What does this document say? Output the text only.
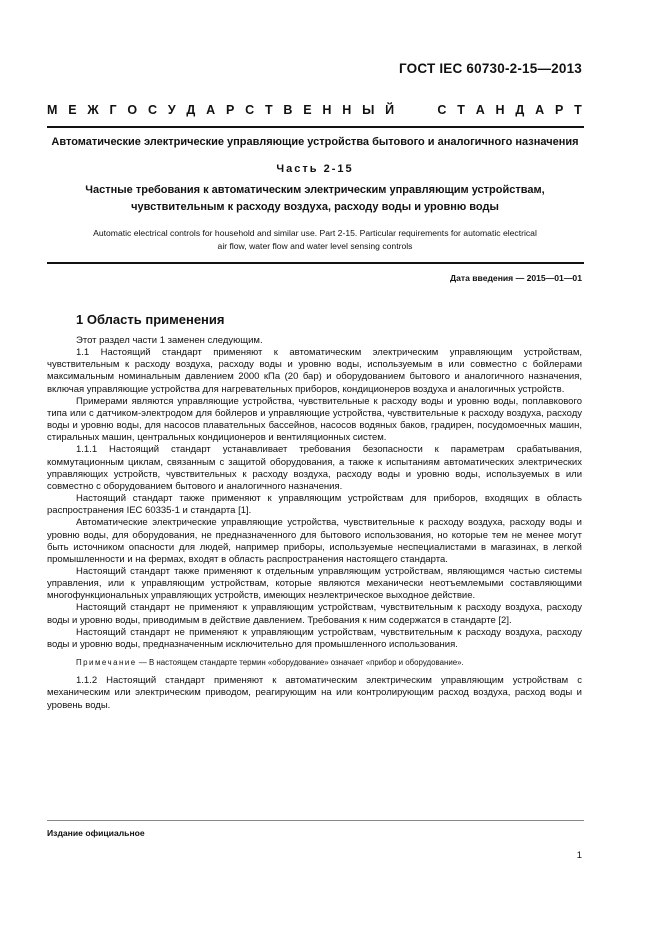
ГОСТ IEC 60730-2-15—2013
М Е Ж Г О С У Д А Р С Т В Е Н Н Ы Й	С Т А Н Д А Р Т
Автоматические электрические управляющие устройства бытового и аналогичного назначения
Часть 2-15
Частные требования к автоматическим электрическим управляющим устройствам,
чувствительным к расходу воздуха, расходу воды и уровню воды
Automatic electrical controls for household and similar use. Part 2-15. Particular requirements for automatic electrical
air flow, water flow and water level sensing controls
Дата введения — 2015—01—01
1 Область применения

Этот раздел части 1 заменен следующим.

1.1 Настоящий стандарт применяют к автоматическим электрическим управляющим устройствам, чувствительным к расходу воздуха, расходу воды и уровню воды, используемым в или совместно с бойлерами максимальным номинальным давлением 2000 кПа (20 бар) и оборудованием бытового и аналогичного назначения, включая управляющие устройства для нагревательных приборов, кондиционеров воздуха и аналогичных устройств.

Примерами являются управляющие устройства, чувствительные к расходу воды и уровню воды, поплавкового типа или с датчиком-электродом для бойлеров и управляющие устройства, чувствительные к расходу воздуха, расходу воды и уровню воды, для насосов плавательных бассейнов, насосов водяных баков, градирен, посудомоечных машин, стиральных машин, центральных кондиционеров и вентиляционных систем.

1.1.1 Настоящий стандарт устанавливает требования безопасности к параметрам срабатывания, коммутационным циклам, связанным с защитой оборудования, а также к испытаниям автоматических электрических управляющих устройств, чувствительных к расходу воздуха, расходу воды и уровню воды, используемых в или совместно с оборудованием бытового и аналогичного назначения.

Настоящий стандарт также применяют к управляющим устройствам для приборов, входящих в область распространения IEC 60335-1 и стандарта [1].

Автоматические электрические управляющие устройства, чувствительные к расходу воздуха, расходу воды и уровню воды, для оборудования, не предназначенного для бытового использования, но которые тем не менее могут быть источником опасности для людей, например приборы, используемые неспециалистами в магазинах, в легкой промышленности и на фермах, входят в область распространения настоящего стандарта.

Настоящий стандарт также применяют к отдельным управляющим устройствам, являющимся частью системы управления, или к управляющим устройствам, которые являются механически неотъемлемыми составляющими многофункциональных управляющих устройств, имеющих неэлектрическое выходное действие.

Настоящий стандарт не применяют к управляющим устройствам, чувствительным к расходу воздуха, расходу воды и уровню воды, приводимым в действие давлением. Требования к ним содержатся в стандарте [2].

Настоящий стандарт не применяют к управляющим устройствам, чувствительным к расходу воздуха, расходу воды и уровню воды, предназначенным исключительно для промышленного использования.

Примечание — В настоящем стандарте термин «оборудование» означает «прибор и оборудование».

1.1.2 Настоящий стандарт применяют к автоматическим электрическим управляющим устройствам с механическим или электрическим приводом, реагирующим на или контролирующим расход воздуха, расход воды и уровень воды.

Издание официальное
1
